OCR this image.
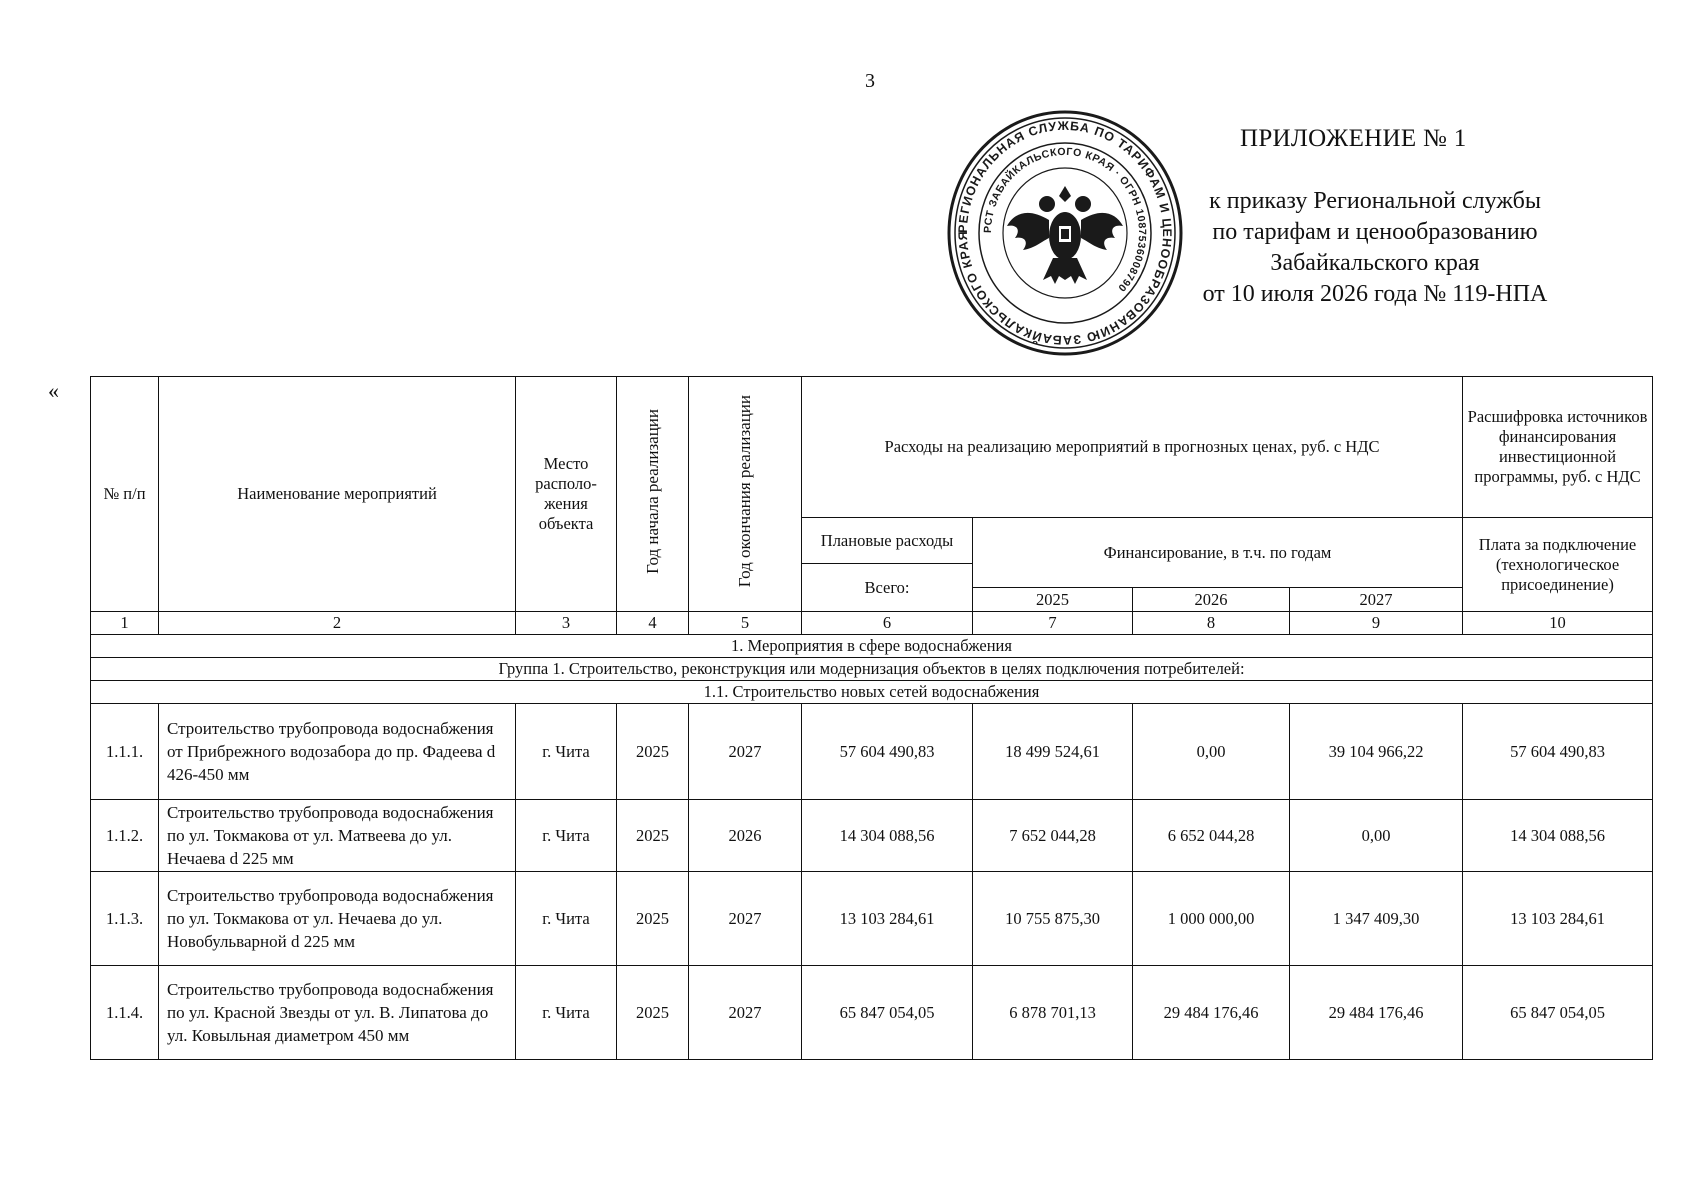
3
ПРИЛОЖЕНИЕ № 1
к приказу Региональной службы
по тарифам и ценообразованию
Забайкальского края
от 10 июля 2026 года № 119-НПА
РЕГИОНАЛЬНАЯ СЛУЖБА ПО ТАРИФАМ И ЦЕНООБРАЗОВАНИЮ ЗАБАЙКАЛЬСКОГО КРАЯ
РСТ ЗАБАЙКАЛЬСКОГО КРАЯ · ОГРН 1087536008790
«
№ п/п	Наименование мероприятий	Место располо-жения объекта	Год начала реализации	Год окончания реализации	Расходы на реализацию мероприятий в прогнозных ценах, руб. с НДС				Расшифровка источников финансирования инвестиционной программы, руб. с НДС
					Плановые расходы	Финансирование, в т.ч. по годам			Плата за подключение (технологическое присоединение)
					Всего:				
						2025	2026	2027	
1	2	3	4	5	6	7	8	9	10
1. Мероприятия в сфере водоснабжения									
Группа 1. Строительство, реконструкция или модернизация объектов в целях подключения потребителей:									
1.1. Строительство новых сетей водоснабжения									
1.1.1.	Строительство трубопровода водоснабжения от Прибрежного водозабора до пр. Фадеева d 426-450 мм	г. Чита	2025	2027	57 604 490,83	18 499 524,61	0,00	39 104 966,22	57 604 490,83
1.1.2.	Строительство трубопровода водоснабжения по ул. Токмакова от ул. Матвеева до ул. Нечаева d 225 мм	г. Чита	2025	2026	14 304 088,56	7 652 044,28	6 652 044,28	0,00	14 304 088,56
1.1.3.	Строительство трубопровода водоснабжения по ул. Токмакова от ул. Нечаева до ул. Новобульварной d 225 мм	г. Чита	2025	2027	13 103 284,61	10 755 875,30	1 000 000,00	1 347 409,30	13 103 284,61
1.1.4.	Строительство трубопровода водоснабжения по ул. Красной Звезды от ул. В. Липатова до ул. Ковыльная диаметром 450 мм	г. Чита	2025	2027	65 847 054,05	6 878 701,13	29 484 176,46	29 484 176,46	65 847 054,05
